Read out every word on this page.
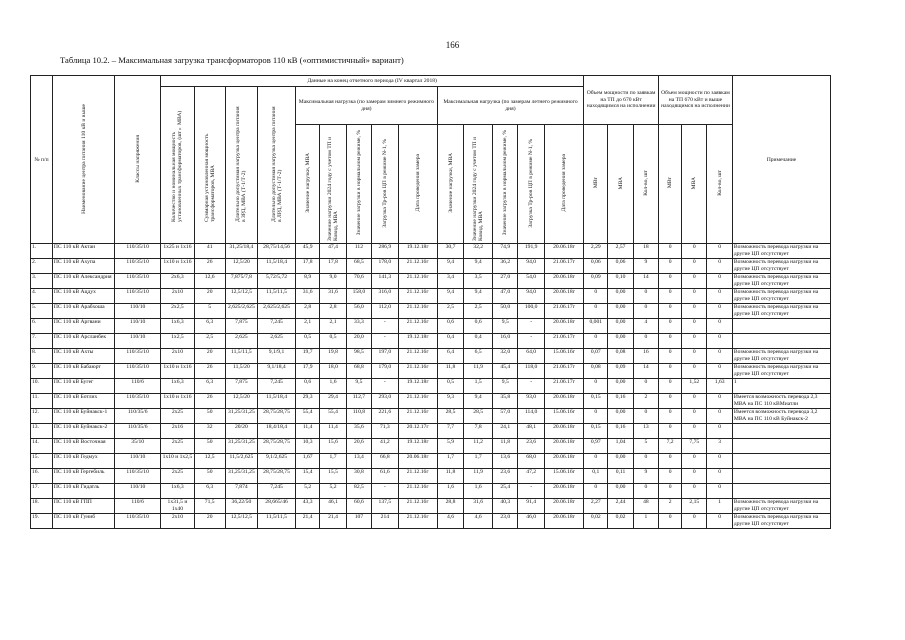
166
Таблица 10.2. – Максимальная загрузка трансформаторов 110 кВ («оптимистичный» вариант)
№ п/п	Наименование центра питания 110 кВ и выше	Классы напряжения	Данные на конец отчетного периода (IV квартал 2018)														Объем мощности по заявкам на ТП до 670 кВт находящимся на исполнении			Объем мощности по заявкам на ТП 670 кВт и выше находящимся на исполнении			Примечание
			Количество и номинальная мощность установленных трансформаторов, (шт×МВА)	Суммарная установленная мощность трансформаторов, МВА	Длительно допустимая нагрузка центра питания в ЗРД, МВА (Т-1/Т-2)	Длительно допустимая нагрузка центра питания в ЛРД, МВА (Т-1/Т-2)	Максимальная нагрузка (по замерам зимнего режимного дня)					Максимальная нагрузка (по замерам летнего режимного дня)											
							Значение нагрузки, МВА	Значение нагрузки 2024 году с учетом ТП и Ковид, МВА	Значение загрузки в нормальном режиме, %	Загрузка Тр-ров ЦП в режиме N-1, %	Дата проведения замера	Значение нагрузки, МВА	Значение нагрузки 2024 году с учетом ТП и Ковид, МВА	Значение загрузки в нормальном режиме, %	Загрузка Тр-ров ЦП в режиме N-1, %	Дата проведения замера	МВт	МВА	Кол-во, шт	МВт	МВА	Кол-во, шт	
1.	ПС 110 кВ Актаи	110/35/10	1х25 и 1х16	41	31,25/18,4	28,75/14,56	45,9	47,4	112	286,9	19.12.18г	30,7	32,2	74,9	191,9	20.06.18г	2,29	2,57	18	0	0	0	Возможность перевода нагрузки на другие ЦП отсутствует
2.	ПС 110 кВ Ахупа	110/35/10	1х10 и 1х16	26	12,5/20	11,5/18,4	17,8	17,8	68,5	178,0	21.12.16г	9,4	9,4	36,2	94,0	21.06.17г	0,06	0,06	9	0	0	0	Возможность перевода нагрузки на другие ЦП отсутствует
3.	ПС 110 кВ Александрия	110/35/10	2х6,3	12,6	7,875/7,8	5,72/5,72	8,9	9,0	70,6	141,3	21.12.16г	3,4	3,5	27,0	54,0	20.06.18г	0,09	0,10	14	0	0	0	Возможность перевода нагрузки на другие ЦП отсутствует
4.	ПС 110 кВ Ацдух	110/35/10	2х10	20	12,5/12,5	11,5/11,5	31,6	31,6	158,0	316,0	21.12.16г	9,4	9,4	47,0	94,0	20.06.18г	0	0,00	0	0	0	0	Возможность перевода нагрузки на другие ЦП отсутствует
5.	ПС 110 кВ Арабхоша	110/10	2х2,5	5	2,625/2,625	2,625/2,625	2,8	2,8	56,0	112,0	21.12.16г	2,5	2,5	50,0	100,0	21.06.17г	0	0,00	0	0	0	0	Возможность перевода нагрузки на другие ЦП отсутствует
6.	ПС 110 кВ Аргвани	110/10	1х6,3	6,3	7,875	7,245	2,1	2,1	33,3	-	21.12.16г	0,6	0,6	9,5	-	20.06.18г	0,001	0,00	4	0	0	0	
7.	ПС 110 кВ Арсланбек	110/10	1х2,5	2,5	2,625	2,625	0,5	0,5	20,0	-	19.12.18г	0,4	0,4	16,0	-	21.06.17г	0	0,00	0	0	0	0	
8.	ПС 110 кВ Ахты	110/35/10	2х10	20	11,5/11,5	9,1/9,1	19,7	19,8	98,5	197,0	21.12.16г	6,4	6,5	32,0	64,0	15.06.16г	0,07	0,08	16	0	0	0	Возможность перевода нагрузки на другие ЦП отсутствует
9.	ПС 110 кВ Бабаюрт	110/35/10	1х10 и 1х16	26	11,5/20	9,1/18,4	17,9	18,0	68,8	179,0	21.12.16г	11,8	11,9	45,4	118,0	21.06.17г	0,08	0,09	14	0	0	0	Возможность перевода нагрузки на другие ЦП отсутствует
10.	ПС 110 кВ Бугег	110/6	1х6,3	6,3	7,875	7,245	0,6	1,6	9,5	-	19.12.18г	0,5	1,5	9,5	-	21.06.17г	0	0,00	0	0	1,52	1,63	1
11.	ПС 110 кВ Ботлих	110/35/10	1х10 и 1х16	26	12,5/20	11,5/18,4	29,3	29,4	112,7	293,0	21.12.16г	9,3	9,4	35,8	93,0	20.06.18г	0,15	0,16	2	0	0	0	Имеется возможность перевода 2,3 МВА на ПС 110 кВМиатли
12.	ПС 110 кВ Буйнакск-1	110/35/6	2х25	50	31,25/31,25	28,75/28,75	55,4	55,4	110,8	221,6	21.12.16г	28,5	28,5	57,0	114,0	15.06.16г	0	0,00	0	0	0	0	Имеется возможность перевода 3,2 МВА на ПС 110 кВ Буйнакск-2
13.	ПС 110 кВ Буйнакск-2	110/35/6	2х16	32	20/20	18,4/18,4	11,4	11,4	35,6	71,3	20.12.17г	7,7	7,8	24,1	48,1	20.06.18г	0,15	0,16	13	0	0	0	
14.	ПС 110 кВ Восточная	35/10	2х25	50	31,25/31,25	28,75/28,75	10,3	15,6	20,6	41,2	19.12.18г	5,9	11,2	11,8	23,6	20.06.18г	0,97	1,04	5	7,2	7,75	3	
15.	ПС 110 кВ Гедмух	110/10	1х10 и 1х2,5	12,5	11,5/2,625	9,1/2,625	1,67	1,7	13,4	66,8	20.06.18г	1,7	1,7	13,6	68,0	20.06.18г	0	0,00	0	0	0	0	
16.	ПС 110 кВ Гергебиль	110/35/10	2х25	50	31,25/31,25	28,75/28,75	15,4	15,5	30,8	61,6	21.12.16г	11,8	11,9	23,6	47,2	15.06.16г	0,1	0,11	9	0	0	0	
17.	ПС 110 кВ Гидатль	110/10	1х6,3	6,3	7,874	7,245	5,2	5,2	82,5	-	21.12.16г	1,6	1,6	25,4	-	20.06.18г	0	0,00	0	0	0	0	
18.	ПС 110 кВ ГПП	110/6	1х31,5 и 1х40	71,5	36,22/50	28,665/46	43,3	46,1	60,6	137,5	21.12.16г	28,8	31,6	40,3	91,4	20.06.18г	2,27	2,44	48	2	2,15	1	Возможность перевода нагрузки на другие ЦП отсутствует
19.	ПС 110 кВ Гуниб	110/35/10	2х10	20	12,5/12,5	11,5/11,5	21,4	21,4	107	214	21.12.16г	4,6	4,6	23,0	46,0	20.06.18г	0,02	0,02	1	0	0	0	Возможность перевода нагрузки на другие ЦП отсутствует
